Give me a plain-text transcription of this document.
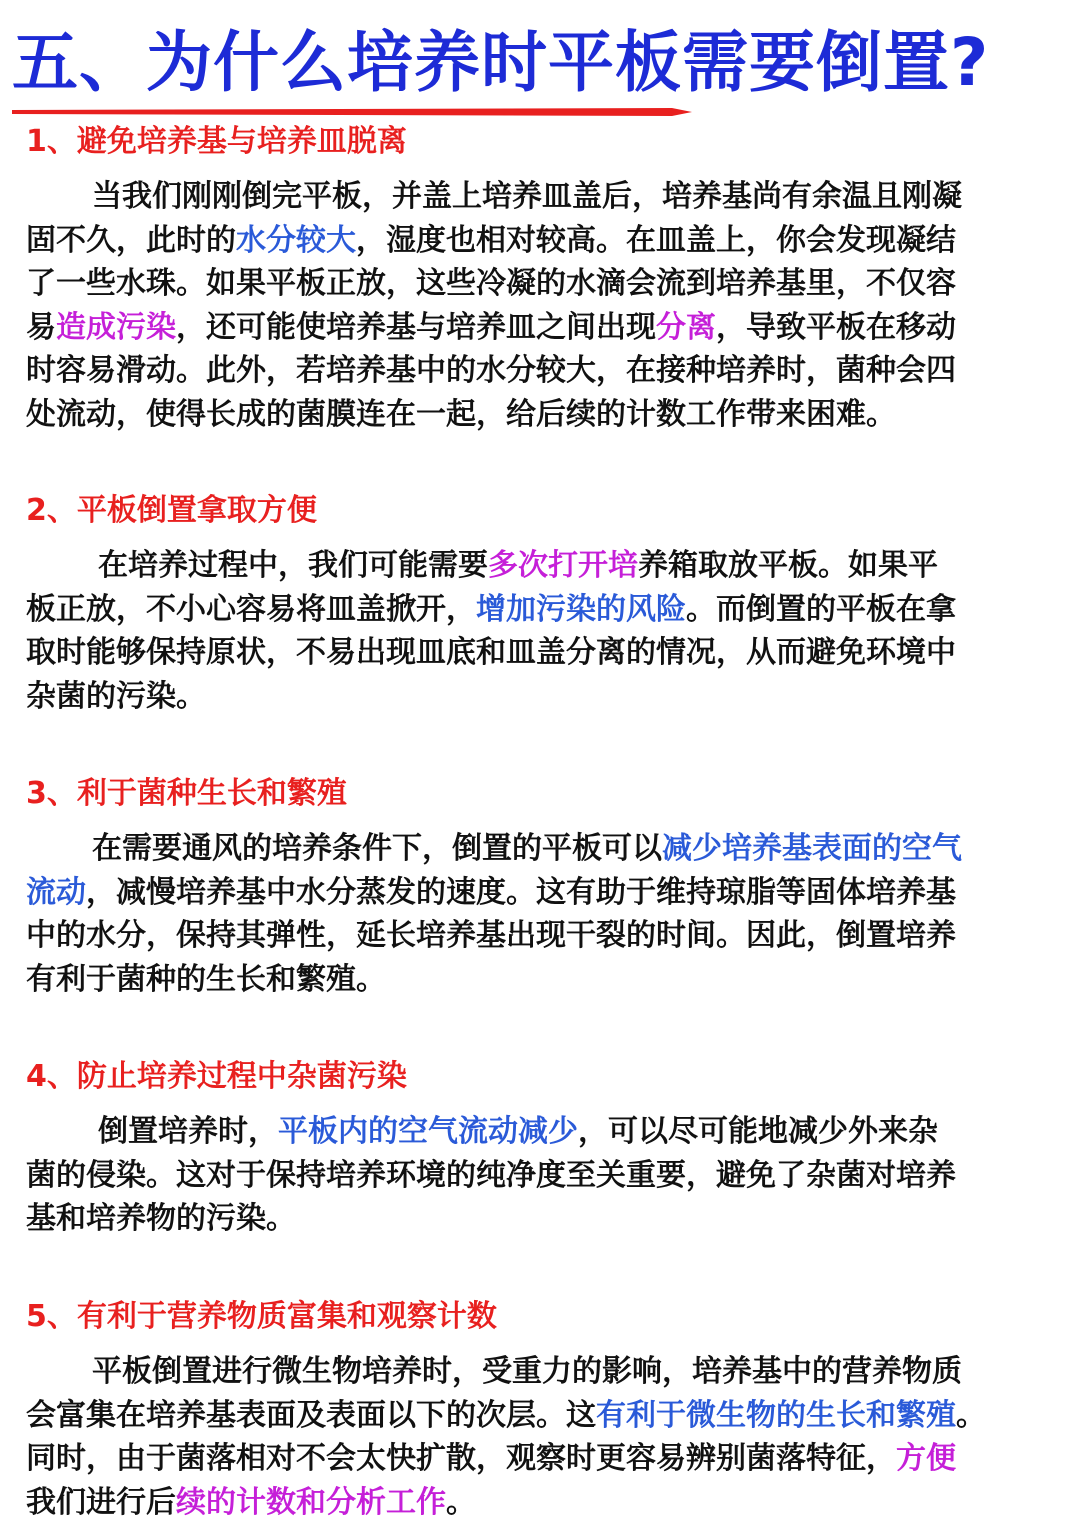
五、为什么培养时平板需要倒置?
1、避免培养基与培养皿脱离
当我们刚刚倒完平板，并盖上培养皿盖后，培养基尚有余温且刚凝
固不久，此时的水分较大，湿度也相对较高。在皿盖上，你会发现凝结
了一些水珠。如果平板正放，这些冷凝的水滴会流到培养基里，不仅容
易造成污染，还可能使培养基与培养皿之间出现分离，导致平板在移动
时容易滑动。此外，若培养基中的水分较大，在接种培养时，菌种会四
处流动，使得长成的菌膜连在一起，给后续的计数工作带来困难。
2、平板倒置拿取方便
在培养过程中，我们可能需要多次打开培养箱取放平板。如果平
板正放，不小心容易将皿盖掀开，增加污染的风险。而倒置的平板在拿
取时能够保持原状，不易出现皿底和皿盖分离的情况，从而避免环境中
杂菌的污染。
3、利于菌种生长和繁殖
在需要通风的培养条件下，倒置的平板可以减少培养基表面的空气
流动，减慢培养基中水分蒸发的速度。这有助于维持琼脂等固体培养基
中的水分，保持其弹性，延长培养基出现干裂的时间。因此，倒置培养
有利于菌种的生长和繁殖。
4、防止培养过程中杂菌污染
倒置培养时，平板内的空气流动减少，可以尽可能地减少外来杂
菌的侵染。这对于保持培养环境的纯净度至关重要，避免了杂菌对培养
基和培养物的污染。
5、有利于营养物质富集和观察计数
平板倒置进行微生物培养时，受重力的影响，培养基中的营养物质
会富集在培养基表面及表面以下的次层。这有利于微生物的生长和繁殖。
同时，由于菌落相对不会太快扩散，观察时更容易辨别菌落特征，方便
我们进行后续的计数和分析工作。
